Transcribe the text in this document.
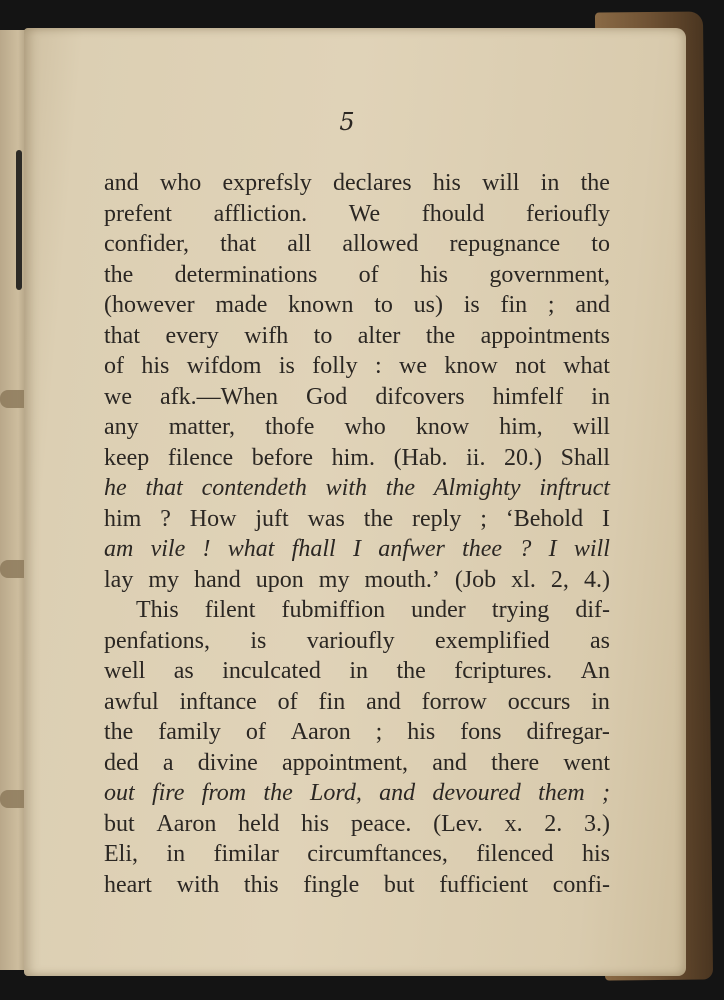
5
and who exprefsly declares his will in the
prefent affliction. We fhould ferioufly
confider, that all allowed repugnance to
the determinations of his government,
(however made known to us) is fin ; and
that every wifh to alter the appointments
of his wifdom is folly : we know not what
we afk.—When God difcovers himfelf in
any matter, thofe who know him, will
keep filence before him. (Hab. ii. 20.) Shall
he that contendeth with the Almighty inftruct
him ? How juft was the reply ; ‘Behold I
am vile ! what fhall I anfwer thee ? I will
lay my hand upon my mouth.’ (Job xl. 2, 4.)
This filent fubmiffion under trying dif-
penfations, is varioufly exemplified as
well as inculcated in the fcriptures. An
awful inftance of fin and forrow occurs in
the family of Aaron ; his fons difregar-
ded a divine appointment, and there went
out fire from the Lord, and devoured them ;
but Aaron held his peace. (Lev. x. 2. 3.)
Eli, in fimilar circumftances, filenced his
heart with this fingle but fufficient confi-
